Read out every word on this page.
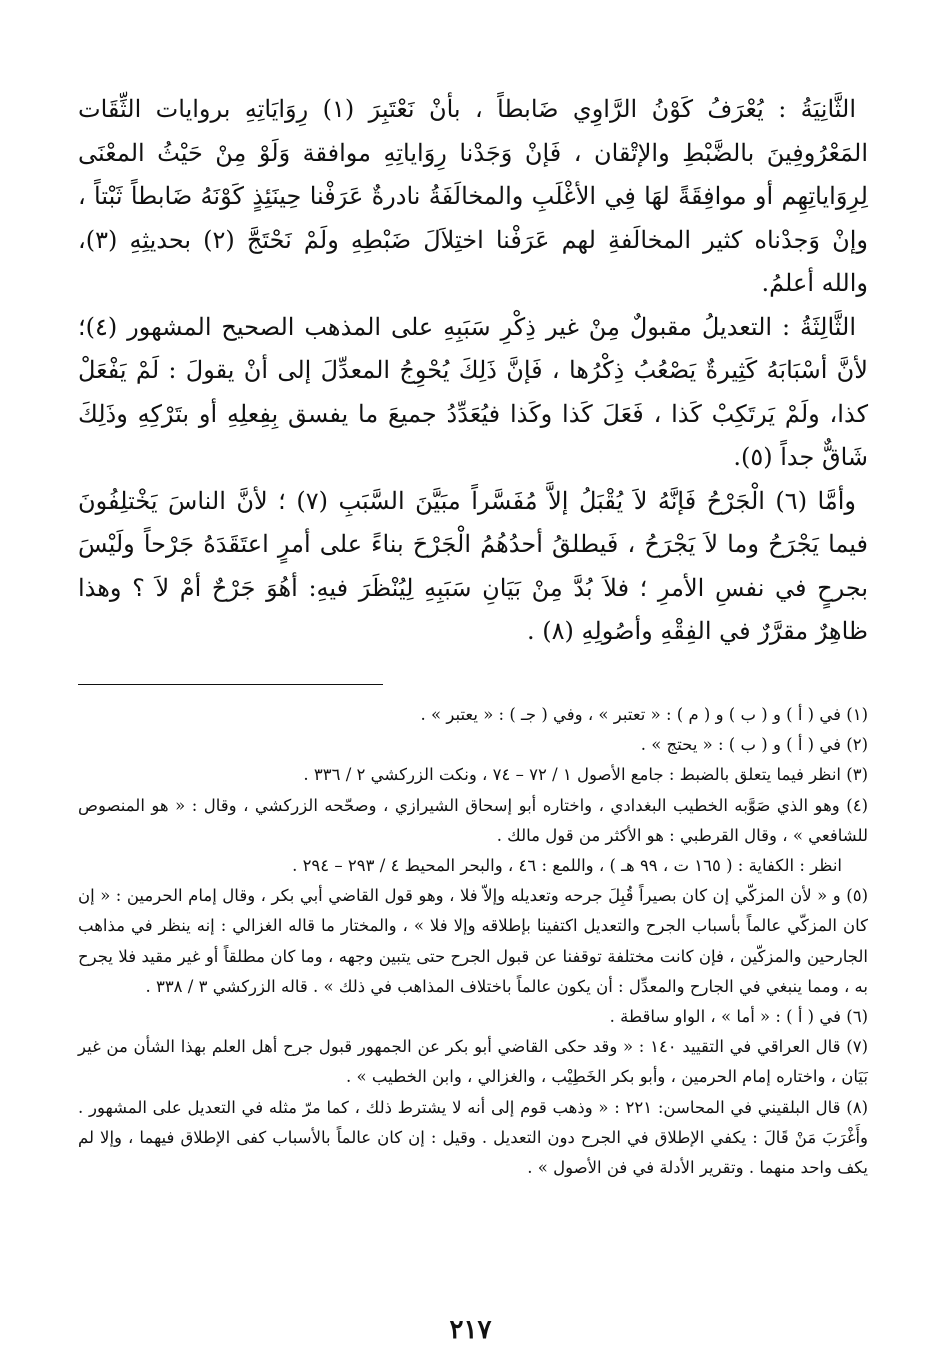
الثَّانِيَةُ : يُعْرَفُ كَوْنُ الرَّاوِي ضَابطاً ، بأنْ نَعْتَبِرَ (١) رِوَايَاتِهِ بروايات الثِّقَات المَعْرُوفِينَ بالضَّبْطِ والإتْقان ، فَإنْ وَجَدْنا رِوَاياتِهِ موافقة وَلَوْ مِنْ حَيْثُ المعْنَى لِرِوَاياتِهِم أو موافِقَةً لهَا فِي الأغْلَبِ والمخالَفَةُ نادرةٌ عَرَفْنا حِينَئِذٍ كَوْنَهُ ضَابطاً ثَبْتاً ، وإنْ وَجدْناه كثير المخالَفةِ لهم عَرَفْنا اختِلاَلَ ضَبْطِهِ ولَمْ نَحْتَجَّ (٢) بحديثِهِ (٣)، والله أعلمُ.

الثَّالِثَةُ : التعديلُ مقبولٌ مِنْ غير ذِكْرِ سَبَبِهِ على المذهب الصحيح المشهور (٤)؛ لأنَّ أسْبَابَهُ كَثِيرةٌ يَصْعُبُ ذِكْرُها ، فَإنَّ ذَلِكَ يُحْوِجُ المعدِّلَ إلى أنْ يقولَ : لَمْ يَفْعَلْ كذا، ولَمْ يَرتَكِبْ كَذا ، فَعَلَ كَذا وكَذا فيُعَدِّدُ جميعَ ما يفسق بِفِعلِهِ أو بتَرْكِهِ وذَلِكَ شَاقٌّ جداً (٥).

وأمَّا (٦) الْجَرْحُ فَإنَّهُ لاَ يُقْبَلُ إلاَّ مُفَسَّراً مبَيَّنَ السَّبَبِ (٧) ؛ لأنَّ الناسَ يَخْتلِفُونَ فيما يَجْرَحُ وما لاَ يَجْرَحُ ، فَيطلقُ أحدُهُمُ الْجَرْحَ بناءً على أمرٍ اعتَقَدَهُ جَرْحاً ولَيْسَ بجرحٍ في نفسِ الأمرِ ؛ فلاَ بُدَّ مِنْ بَيَانِ سَبَبِهِ لِيُنْظَرَ فيهِ: أهُوَ جَرْحٌ أمْ لاَ ؟ وهذا ظاهِرٌ مقرَّرٌ في الفِقْهِ وأصُولِهِ (٨) .

(١) في ( أ ) و ( ب ) و ( م ) : « تعتبر » ، وفي ( جـ ) : « يعتبر » .

(٢) في ( أ ) و ( ب ) : « يحتج » .

(٣) انظر فيما يتعلق بالضبط : جامع الأصول ١ / ٧٢ – ٧٤ ، ونكت الزركشي ٢ / ٣٣٦ .

(٤) وهو الذي صَوَّبه الخطيب البغدادي ، واختاره أبو إسحاق الشيرازي ، وصحّحه الزركشي ، وقال : « هو المنصوص للشافعي » ، وقال القرطبي : هو الأكثر من قول مالك .

انظر : الكفاية : ( ١٦٥ ت ، ٩٩ هـ ) ، واللمع : ٤٦ ، والبحر المحيط ٤ / ٢٩٣ – ٢٩٤ .

(٥) و « لأن المزكّي إن كان بصيراً قُبِلَ جرحه وتعديله وإلاّ فلا ، وهو قول القاضي أبي بكر ، وقال إمام الحرمين : « إن كان المزكّي عالماً بأسباب الجرح والتعديل اكتفينا بإطلاقه وإلا فلا » ، والمختار ما قاله الغزالي : إنه ينظر في مذاهب الجارحين والمزكّين ، فإن كانت مختلفة توقفنا عن قبول الجرح حتى يتبين وجهه ، وما كان مطلقاً أو غير مقيد فلا يجرح به ، ومما ينبغي في الجارح والمعدِّل : أن يكون عالماً باختلاف المذاهب في ذلك » . قاله الزركشي ٣ / ٣٣٨ .

(٦) في ( أ ) : « أما » ، الواو ساقطة .

(٧) قال العراقي في التقييد ١٤٠ : « وقد حكى القاضي أبو بكر عن الجمهور قبول جرح أهل العلم بهذا الشأن من غير بَيَان ، واختاره إمام الحرمين ، وأبو بكر الخَطِيْب ، والغزالي ، وابن الخطيب » .

(٨) قال البلقيني في المحاسن: ٢٢١ : « وذهب قوم إلى أنه لا يشترط ذلك ، كما مرّ مثله في التعديل على المشهور . وأَغْرَبَ مَنْ قَالَ : يكفي الإطلاق في الجرح دون التعديل . وقيل : إن كان عالماً بالأسباب كفى الإطلاق فيهما ، وإلا لم يكف واحد منهما . وتقرير الأدلة في فن الأصول » .

٢١٧
